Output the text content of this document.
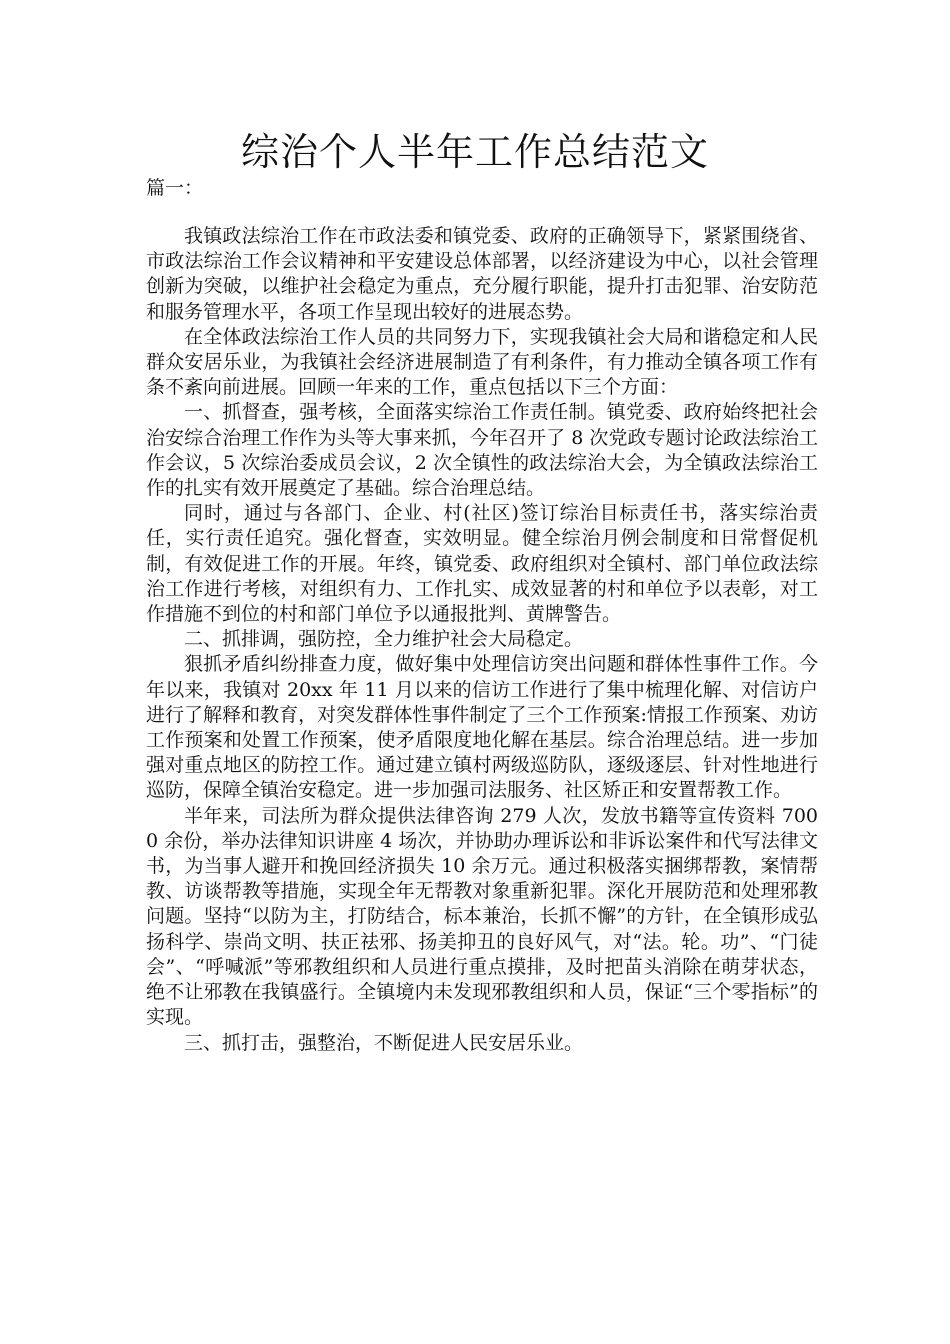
综治个人半年工作总结范文
篇一：

我镇政法综治工作在市政法委和镇党委、政府的正确领导下，紧紧围绕省、市政法综治工作会议精神和平安建设总体部署，以经济建设为中心，以社会管理创新为突破，以维护社会稳定为重点，充分履行职能，提升打击犯罪、治安防范和服务管理水平，各项工作呈现出较好的进展态势。

在全体政法综治工作人员的共同努力下，实现我镇社会大局和谐稳定和人民群众安居乐业，为我镇社会经济进展制造了有利条件，有力推动全镇各项工作有条不紊向前进展。回顾一年来的工作，重点包括以下三个方面：

一、抓督查，强考核，全面落实综治工作责任制。镇党委、政府始终把社会治安综合治理工作作为头等大事来抓，今年召开了 8 次党政专题讨论政法综治工作会议，5 次综治委成员会议，2 次全镇性的政法综治大会，为全镇政法综治工作的扎实有效开展奠定了基础。综合治理总结。

同时，通过与各部门、企业、村(社区)签订综治目标责任书，落实综治责任，实行责任追究。强化督查，实效明显。健全综治月例会制度和日常督促机制，有效促进工作的开展。年终，镇党委、政府组织对全镇村、部门单位政法综治工作进行考核，对组织有力、工作扎实、成效显著的村和单位予以表彰，对工作措施不到位的村和部门单位予以通报批判、黄牌警告。

二、抓排调，强防控，全力维护社会大局稳定。

狠抓矛盾纠纷排查力度，做好集中处理信访突出问题和群体性事件工作。今年以来，我镇对 20xx 年 11 月以来的信访工作进行了集中梳理化解、对信访户进行了解释和教育，对突发群体性事件制定了三个工作预案:情报工作预案、劝访工作预案和处置工作预案，使矛盾限度地化解在基层。综合治理总结。进一步加强对重点地区的防控工作。通过建立镇村两级巡防队，逐级逐层、针对性地进行巡防，保障全镇治安稳定。进一步加强司法服务、社区矫正和安置帮教工作。

半年来，司法所为群众提供法律咨询 279 人次，发放书籍等宣传资料 7000 余份，举办法律知识讲座 4 场次，并协助办理诉讼和非诉讼案件和代写法律文书，为当事人避开和挽回经济损失 10 余万元。通过积极落实捆绑帮教，案情帮教、访谈帮教等措施，实现全年无帮教对象重新犯罪。深化开展防范和处理邪教问题。坚持“以防为主，打防结合，标本兼治，长抓不懈”的方针，在全镇形成弘扬科学、崇尚文明、扶正祛邪、扬美抑丑的良好风气，对“法。轮。功”、“门徒会”、“呼喊派”等邪教组织和人员进行重点摸排，及时把苗头消除在萌芽状态，绝不让邪教在我镇盛行。全镇境内未发现邪教组织和人员，保证“三个零指标”的实现。

三、抓打击，强整治，不断促进人民安居乐业。
